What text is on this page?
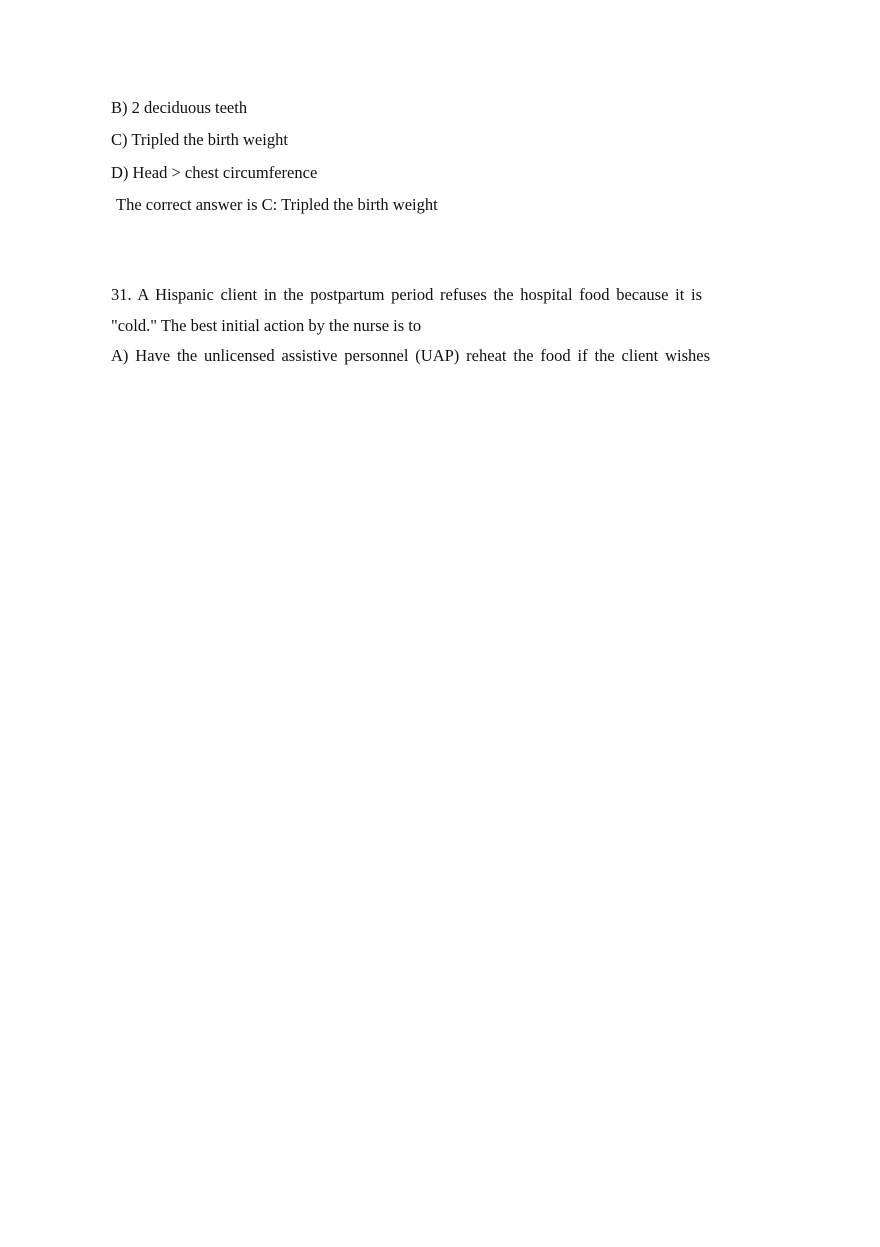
B) 2 deciduous teeth
C) Tripled the birth weight
D) Head > chest circumference
The correct answer is C: Tripled the birth weight
31. A Hispanic client in the postpartum period refuses the hospital food because it is
"cold." The best initial action by the nurse is to
A) Have the unlicensed assistive personnel (UAP) reheat the food if the client wishes
